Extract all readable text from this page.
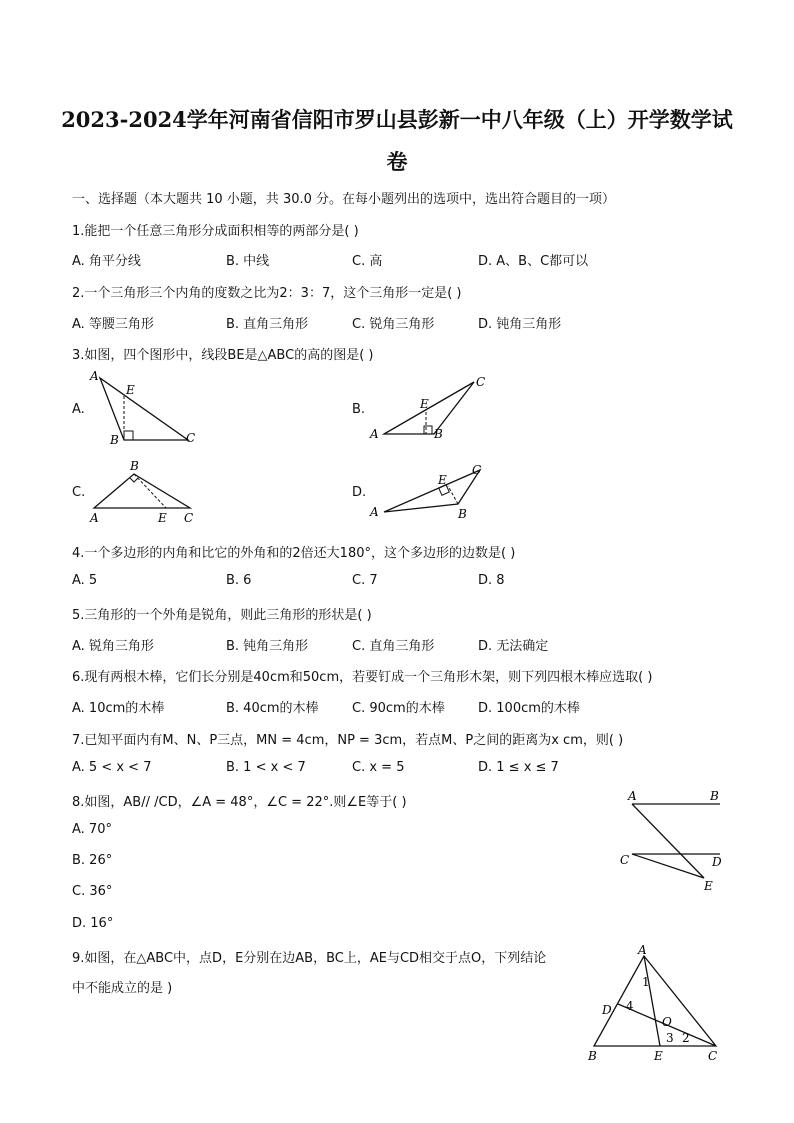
2023-2024学年河南省信阳市罗山县彭新一中八年级（上）开学数学试
卷
一、选择题（本大题共 10 小题，共 30.0 分。在每小题列出的选项中，选出符合题目的一项）
1.能把一个任意三角形分成面积相等的两部分是( )
A. 角平分线	B. 中线	C. 高	D. A、B、C都可以
2.一个三角形三个内角的度数之比为2：3：7，这个三角形一定是( )
A. 等腰三角形	B. 直角三角形	C. 锐角三角形	D. 钝角三角形
3.如图，四个图形中，线段BE是△ABC的高的图是( )
A.	B.
C.	D.
A
E
B	C	A
E
B
C
A
B
E C	A
E
C
B
4.一个多边形的内角和比它的外角和的2倍还大180°，这个多边形的边数是( )
A. 5	B. 6	C. 7	D. 8
5.三角形的一个外角是锐角，则此三角形的形状是( )
A. 锐角三角形	B. 钝角三角形	C. 直角三角形	D. 无法确定
6.现有两根木棒，它们长分别是40cm和50cm，若要钉成一个三角形木架，则下列四根木棒应选取( )
A. 10cm的木棒	B. 40cm的木棒	C. 90cm的木棒	D. 100cm的木棒
7.已知平面内有M、N、P三点，MN = 4cm，NP = 3cm，若点M、P之间的距离为x cm，则( )
A. 5 < x < 7	B. 1 < x < 7	C. x = 5	D. 1 ≤ x ≤ 7
8.如图，AB// /CD，∠A = 48°，∠C = 22°.则∠E等于( )
A. 70°
B. 26°
C. 36°
D. 16°
A	B
C	D
E
9.如图，在△ABC中，点D，E分别在边AB，BC上，AE与CD相交于点O，下列结论
中不能成立的是 )
A
D
O
B	E	C
1
4
3 2
